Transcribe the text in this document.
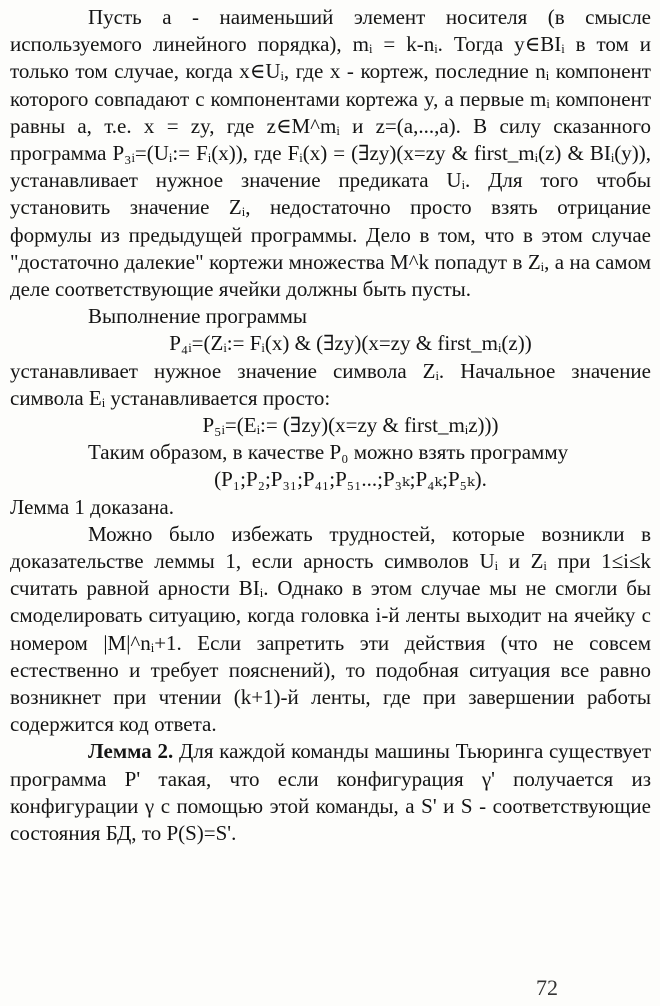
Пусть a - наименьший элемент носителя (в смысле используемого линейного порядка), mᵢ = k-nᵢ. Тогда y∈BIᵢ в том и только том случае, когда x∈Uᵢ, где x - кортеж, последние nᵢ компонент которого совпадают с компонентами кортежа y, а первые mᵢ компонент равны a, т.е. x = zy, где z∈M^mᵢ и z=(a,...,a). В силу сказанного программа P₃ᵢ=(Uᵢ:= Fᵢ(x)), где Fᵢ(x) = (∃zy)(x=zy & first_mᵢ(z) & BIᵢ(y)), устанавливает нужное значение предиката Uᵢ. Для того чтобы установить значение Zᵢ, недостаточно просто взять отрицание формулы из предыдущей программы. Дело в том, что в этом случае "достаточно далекие" кортежи множества M^k попадут в Zᵢ, а на самом деле соответствующие ячейки должны быть пусты.

Выполнение программы

P₄ᵢ=(Zᵢ:= Fᵢ(x) & (∃zy)(x=zy & first_mᵢ(z))

устанавливает нужное значение символа Zᵢ. Начальное значение символа Eᵢ устанавливается просто:

P₅ᵢ=(Eᵢ:= (∃zy)(x=zy & first_mᵢz)))

Таким образом, в качестве P₀ можно взять программу

(P₁;P₂;P₃₁;P₄₁;P₅₁...;P₃ₖ;P₄ₖ;P₅ₖ).

Лемма 1 доказана.

Можно было избежать трудностей, которые возникли в доказательстве леммы 1, если арность символов Uᵢ и Zᵢ при 1≤i≤k считать равной арности BIᵢ. Однако в этом случае мы не смогли бы смоделировать ситуацию, когда головка i-й ленты выходит на ячейку с номером |M|^nᵢ+1. Если запретить эти действия (что не совсем естественно и требует пояснений), то подобная ситуация все равно возникнет при чтении (k+1)-й ленты, где при завершении работы содержится код ответа.

Лемма 2. Для каждой команды машины Тьюринга существует программа P' такая, что если конфигурация γ' получается из конфигурации γ с помощью этой команды, а S' и S - соответствующие состояния БД, то P(S)=S'.

72
